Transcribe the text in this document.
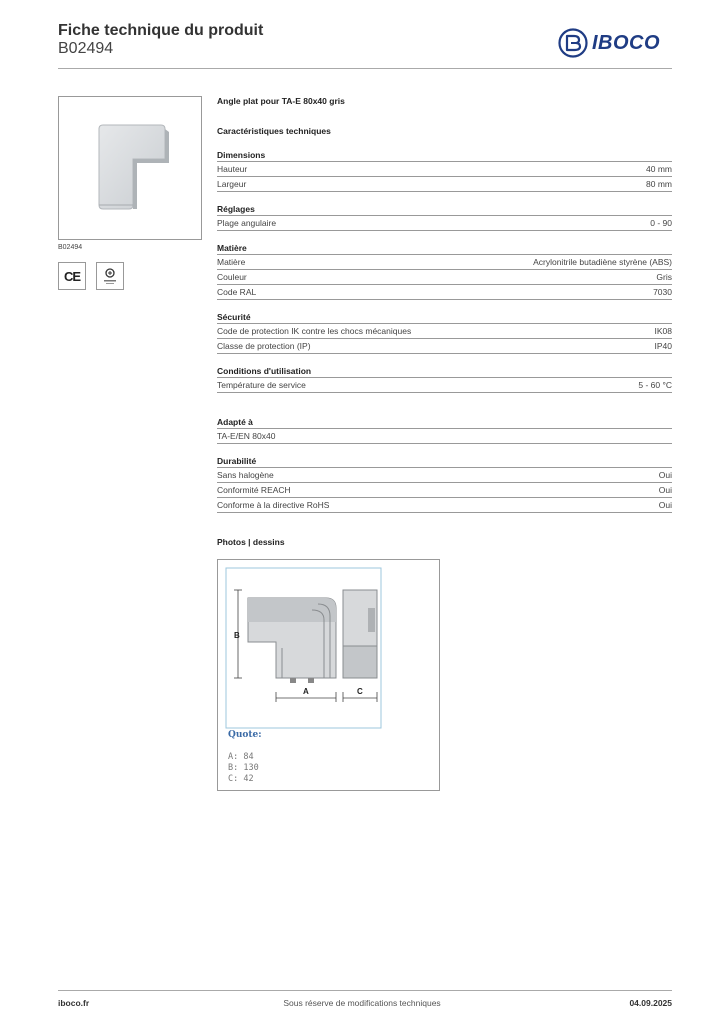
Fiche technique du produit
B02494	IBOCO
B02494
CE
Angle plat pour TA-E 80x40 gris
Caractéristiques techniques
Dimensions
Hauteur	40 mm
Largeur	80 mm
Réglages
Plage angulaire	0 - 90
Matière
Matière	Acrylonitrile butadiène styrène (ABS)
Couleur	Gris
Code RAL	7030
Sécurité
Code de protection IK contre les chocs mécaniques	IK08
Classe de protection (IP)	IP40
Conditions d'utilisation
Température de service	5 - 60 °C
Adapté à
TA-E/EN 80x40
Durabilité
Sans halogène	Oui
Conformité REACH	Oui
Conforme à la directive RoHS	Oui
Photos | dessins
B
A	C
Quote:
A: 84
B: 130
C: 42
iboco.fr	Sous réserve de modifications techniques	04.09.2025
